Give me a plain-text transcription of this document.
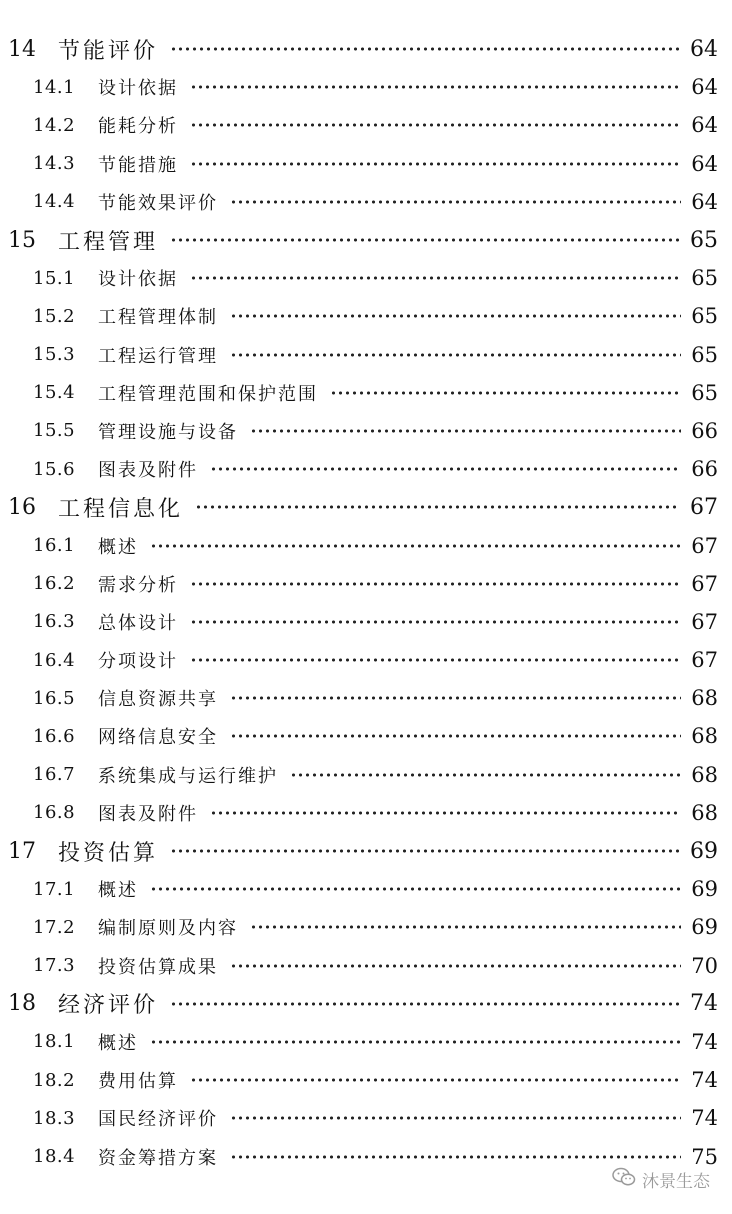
14	节能评价	64
14.1	设计依据	64
14.2	能耗分析	64
14.3	节能措施	64
14.4	节能效果评价	64
15	工程管理	65
15.1	设计依据	65
15.2	工程管理体制	65
15.3	工程运行管理	65
15.4	工程管理范围和保护范围	65
15.5	管理设施与设备	66
15.6	图表及附件	66
16	工程信息化	67
16.1	概述	67
16.2	需求分析	67
16.3	总体设计	67
16.4	分项设计	67
16.5	信息资源共享	68
16.6	网络信息安全	68
16.7	系统集成与运行维护	68
16.8	图表及附件	68
17	投资估算	69
17.1	概述	69
17.2	编制原则及内容	69
17.3	投资估算成果	70
18	经济评价	74
18.1	概述	74
18.2	费用估算	74
18.3	国民经济评价	74
18.4	资金筹措方案	75
沐景生态
